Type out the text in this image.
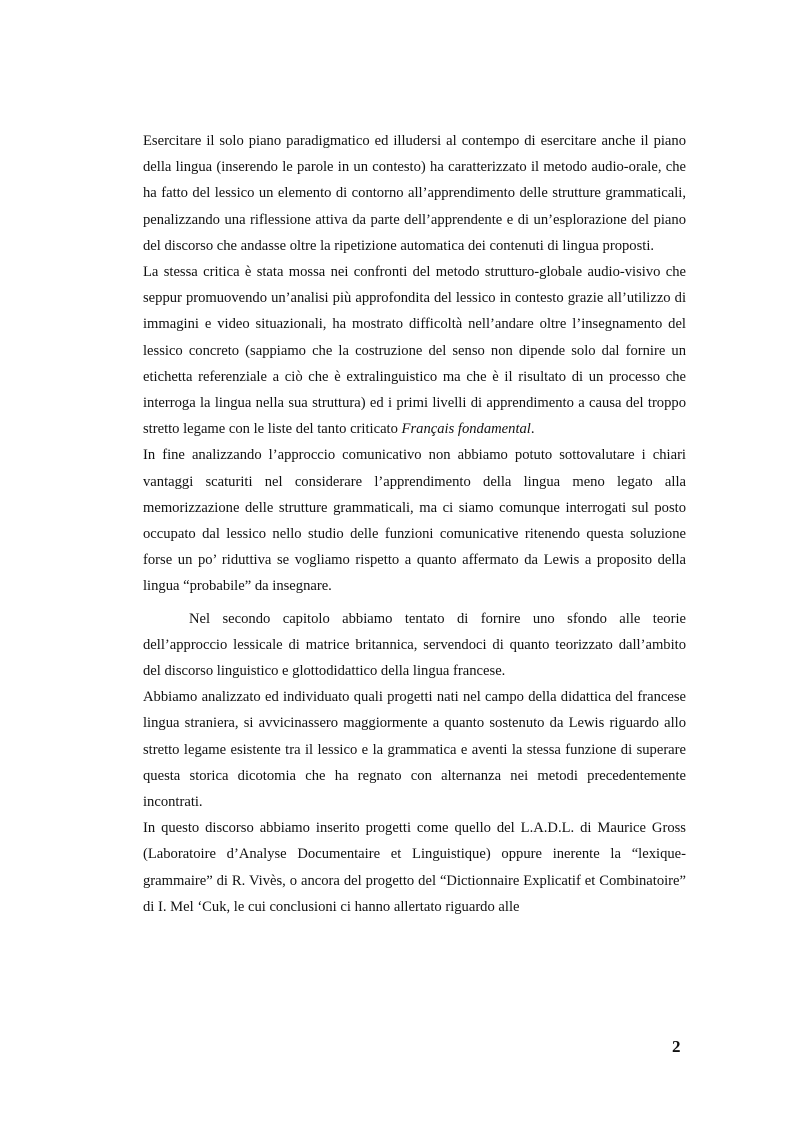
Esercitare il solo piano paradigmatico ed illudersi al contempo di esercitare anche il piano della lingua (inserendo le parole in un contesto) ha caratterizzato il metodo audio-orale, che ha fatto del lessico un elemento di contorno all’apprendimento delle strutture grammaticali, penalizzando una riflessione attiva da parte dell’apprendente e di un’esplorazione del piano del discorso che andasse oltre la ripetizione automatica dei contenuti di lingua proposti.

La stessa critica è stata mossa nei confronti del metodo strutturo-globale audio-visivo che seppur promuovendo un’analisi più approfondita del lessico in contesto grazie all’utilizzo di immagini e video situazionali, ha mostrato difficoltà nell’andare oltre l’insegnamento del lessico concreto (sappiamo che la costruzione del senso non dipende solo dal fornire un etichetta referenziale a ciò che è extralinguistico ma che è il risultato di un processo che interroga la lingua nella sua struttura) ed i primi livelli di apprendimento a causa del troppo stretto legame con le liste del tanto criticato Français fondamental.

In fine analizzando l’approccio comunicativo non abbiamo potuto sottovalutare i chiari vantaggi scaturiti nel considerare l’apprendimento della lingua meno legato alla memorizzazione delle strutture grammaticali, ma ci siamo comunque interrogati sul posto occupato dal lessico nello studio delle funzioni comunicative ritenendo questa soluzione forse un po’ riduttiva se vogliamo rispetto a quanto affermato da Lewis a proposito della lingua “probabile” da insegnare.

Nel secondo capitolo abbiamo tentato di fornire uno sfondo alle teorie dell’approccio lessicale di matrice britannica, servendoci di quanto teorizzato dall’ambito del discorso linguistico e glottodidattico della lingua francese.

Abbiamo analizzato ed individuato quali progetti nati nel campo della didattica del francese lingua straniera, si avvicinassero maggiormente a quanto sostenuto da Lewis riguardo allo stretto legame esistente tra il lessico e la grammatica e aventi la stessa funzione di superare questa storica dicotomia che ha regnato con alternanza nei metodi precedentemente incontrati.

In questo discorso abbiamo inserito progetti come quello del L.A.D.L. di Maurice Gross (Laboratoire d’Analyse Documentaire et Linguistique) oppure inerente la “lexique-grammaire” di R. Vivès, o ancora del progetto del “Dictionnaire Explicatif et Combinatoire” di I. Mel ‘Cuk, le cui conclusioni ci hanno allertato riguardo alle

2
